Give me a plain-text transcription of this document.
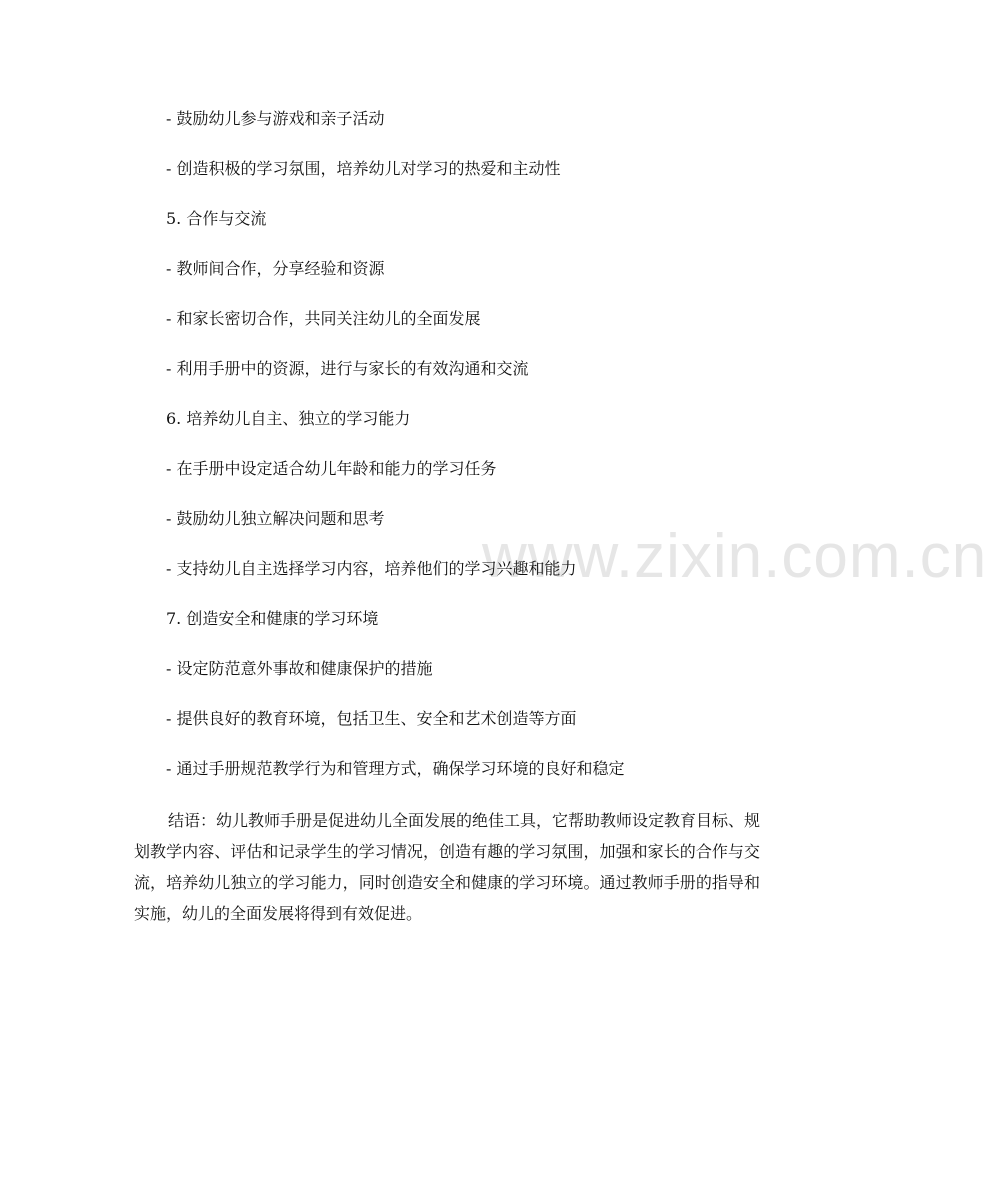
www.zixin.com.cn
- 鼓励幼儿参与游戏和亲子活动
- 创造积极的学习氛围，培养幼儿对学习的热爱和主动性
5. 合作与交流
- 教师间合作，分享经验和资源
- 和家长密切合作，共同关注幼儿的全面发展
- 利用手册中的资源，进行与家长的有效沟通和交流
6. 培养幼儿自主、独立的学习能力
- 在手册中设定适合幼儿年龄和能力的学习任务
- 鼓励幼儿独立解决问题和思考
- 支持幼儿自主选择学习内容，培养他们的学习兴趣和能力
7. 创造安全和健康的学习环境
- 设定防范意外事故和健康保护的措施
- 提供良好的教育环境，包括卫生、安全和艺术创造等方面
- 通过手册规范教学行为和管理方式，确保学习环境的良好和稳定

结语：幼儿教师手册是促进幼儿全面发展的绝佳工具，它帮助教师设定教育目标、规划教学内容、评估和记录学生的学习情况，创造有趣的学习氛围，加强和家长的合作与交流，培养幼儿独立的学习能力，同时创造安全和健康的学习环境。通过教师手册的指导和实施，幼儿的全面发展将得到有效促进。
